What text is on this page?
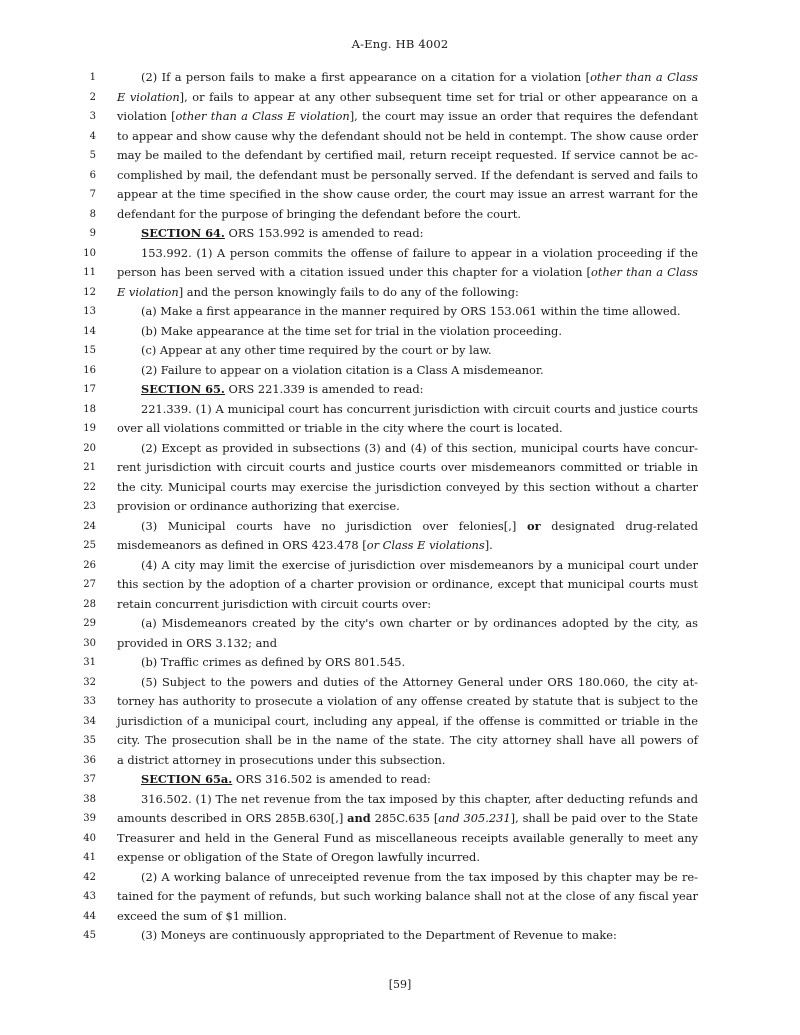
A-Eng. HB 4002
1	(2) If a person fails to make a first appearance on a citation for a violation [other than a Class
2 E violation], or fails to appear at any other subsequent time set for trial or other appearance on a
3 violation [other than a Class E violation], the court may issue an order that requires the defendant
4 to appear and show cause why the defendant should not be held in contempt. The show cause order
5 may be mailed to the defendant by certified mail, return receipt requested. If service cannot be ac-
6 complished by mail, the defendant must be personally served. If the defendant is served and fails to
7 appear at the time specified in the show cause order, the court may issue an arrest warrant for the
8 defendant for the purpose of bringing the defendant before the court.
9	SECTION 64. ORS 153.992 is amended to read:
10	153.992. (1) A person commits the offense of failure to appear in a violation proceeding if the
11 person has been served with a citation issued under this chapter for a violation [other than a Class
12 E violation] and the person knowingly fails to do any of the following:
13	(a) Make a first appearance in the manner required by ORS 153.061 within the time allowed.
14	(b) Make appearance at the time set for trial in the violation proceeding.
15	(c) Appear at any other time required by the court or by law.
16	(2) Failure to appear on a violation citation is a Class A misdemeanor.
17	SECTION 65. ORS 221.339 is amended to read:
18	221.339. (1) A municipal court has concurrent jurisdiction with circuit courts and justice courts
19 over all violations committed or triable in the city where the court is located.
20	(2) Except as provided in subsections (3) and (4) of this section, municipal courts have concur-
21 rent jurisdiction with circuit courts and justice courts over misdemeanors committed or triable in
22 the city. Municipal courts may exercise the jurisdiction conveyed by this section without a charter
23 provision or ordinance authorizing that exercise.
24	(3) Municipal courts have no jurisdiction over felonies[,] or designated drug-related
25 misdemeanors as defined in ORS 423.478 [or Class E violations].
26	(4) A city may limit the exercise of jurisdiction over misdemeanors by a municipal court under
27 this section by the adoption of a charter provision or ordinance, except that municipal courts must
28 retain concurrent jurisdiction with circuit courts over:
29	(a) Misdemeanors created by the city's own charter or by ordinances adopted by the city, as
30 provided in ORS 3.132; and
31	(b) Traffic crimes as defined by ORS 801.545.
32	(5) Subject to the powers and duties of the Attorney General under ORS 180.060, the city at-
33 torney has authority to prosecute a violation of any offense created by statute that is subject to the
34 jurisdiction of a municipal court, including any appeal, if the offense is committed or triable in the
35 city. The prosecution shall be in the name of the state. The city attorney shall have all powers of
36 a district attorney in prosecutions under this subsection.
37	SECTION 65a. ORS 316.502 is amended to read:
38	316.502. (1) The net revenue from the tax imposed by this chapter, after deducting refunds and
39 amounts described in ORS 285B.630[,] and 285C.635 [and 305.231], shall be paid over to the State
40 Treasurer and held in the General Fund as miscellaneous receipts available generally to meet any
41 expense or obligation of the State of Oregon lawfully incurred.
42	(2) A working balance of unreceipted revenue from the tax imposed by this chapter may be re-
43 tained for the payment of refunds, but such working balance shall not at the close of any fiscal year
44 exceed the sum of $1 million.
45	(3) Moneys are continuously appropriated to the Department of Revenue to make:
[59]
